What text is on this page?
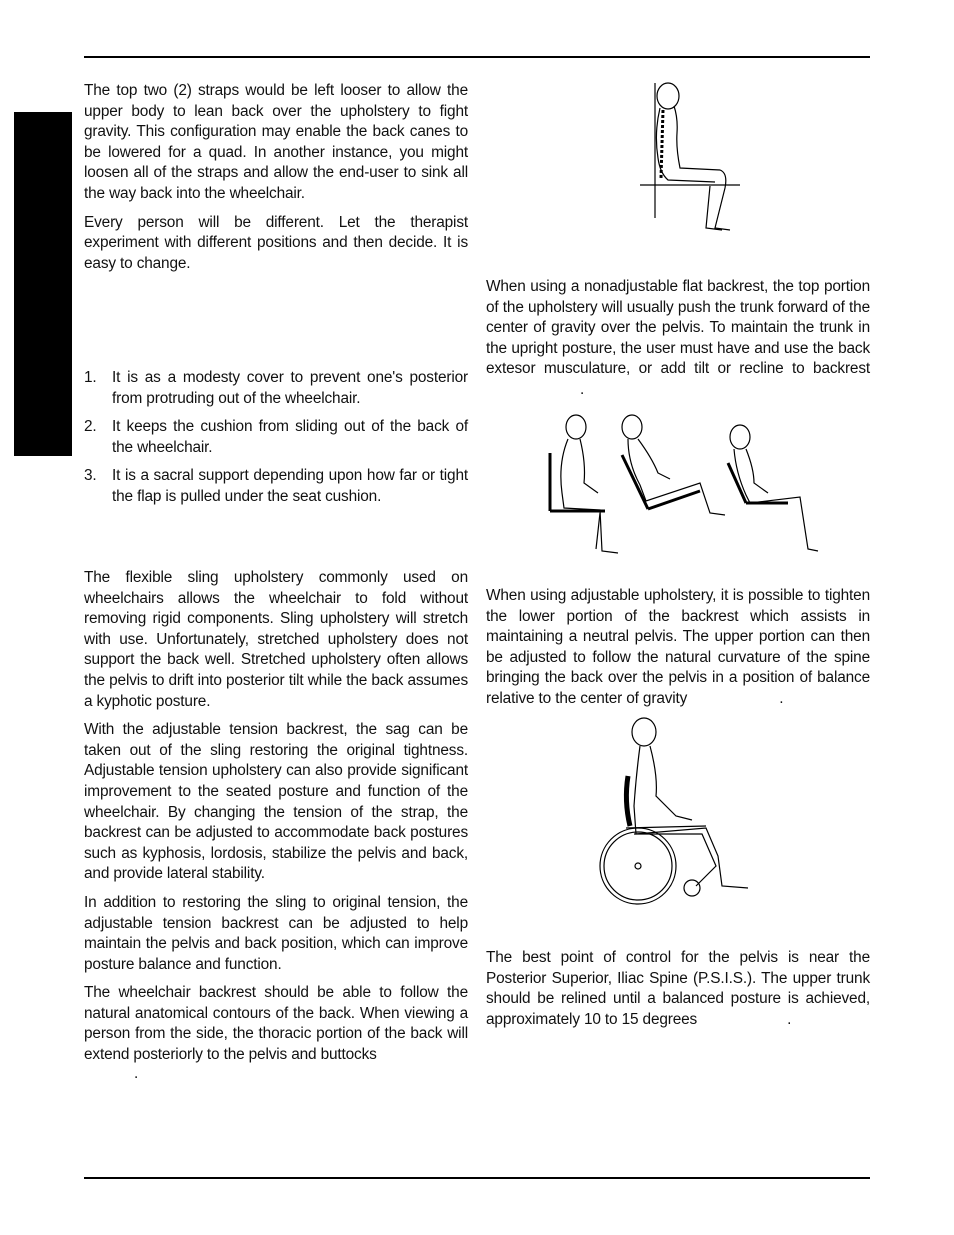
The top two (2) straps would be left looser to allow the upper body to lean back over the upholstery to fight gravity. This configuration may enable the back canes to be lowered for a quad. In another instance, you might loosen all of the straps and allow the end-user to sink all the way back into the wheelchair.

Every person will be different. Let the therapist experiment with different positions and then decide. It is easy to change.

1. It is as a modesty cover to prevent one's posterior from protruding out of the wheelchair.
2. It keeps the cushion from sliding out of the back of the wheelchair.
3. It is a sacral support depending upon how far or tight the flap is pulled under the seat cushion.

The flexible sling upholstery commonly used on wheelchairs allows the wheelchair to fold without removing rigid components. Sling upholstery will stretch with use. Unfortunately, stretched upholstery does not support the back well. Stretched upholstery often allows the pelvis to drift into posterior tilt while the back assumes a kyphotic posture.

With the adjustable tension backrest, the sag can be taken out of the sling restoring the original tightness. Adjustable tension upholstery can also provide significant improvement to the seated posture and function of the wheelchair. By changing the tension of the strap, the backrest can be adjusted to accommodate back postures such as kyphosis, lordosis, stabilize the pelvis and back, and provide lateral stability.

In addition to restoring the sling to original tension, the adjustable tension backrest can be adjusted to help maintain the pelvis and back position, which can improve posture balance and function.

The wheelchair backrest should be able to follow the natural anatomical contours of the back. When viewing a person from the side, the thoracic portion of the back will extend posteriorly to the pelvis and buttocks

.
When using a nonadjustable flat backrest, the top portion of the upholstery will usually push the trunk forward of the center of gravity over the pelvis. To maintain the trunk in the upright posture, the user must have and use the back extesor musculature, or add tilt or recline to backrest.
When using adjustable upholstery, it is possible to tighten the lower portion of the backrest which assists in maintaining a neutral pelvis. The upper portion can then be adjusted to follow the natural curvature of the spine bringing the back over the pelvis in a position of balance relative to the center of gravity	.
The best point of control for the pelvis is near the Posterior Superior, Iliac Spine (P.S.I.S.). The upper trunk should be relined until a balanced posture is achieved, approximately 10 to 15 degrees	.
